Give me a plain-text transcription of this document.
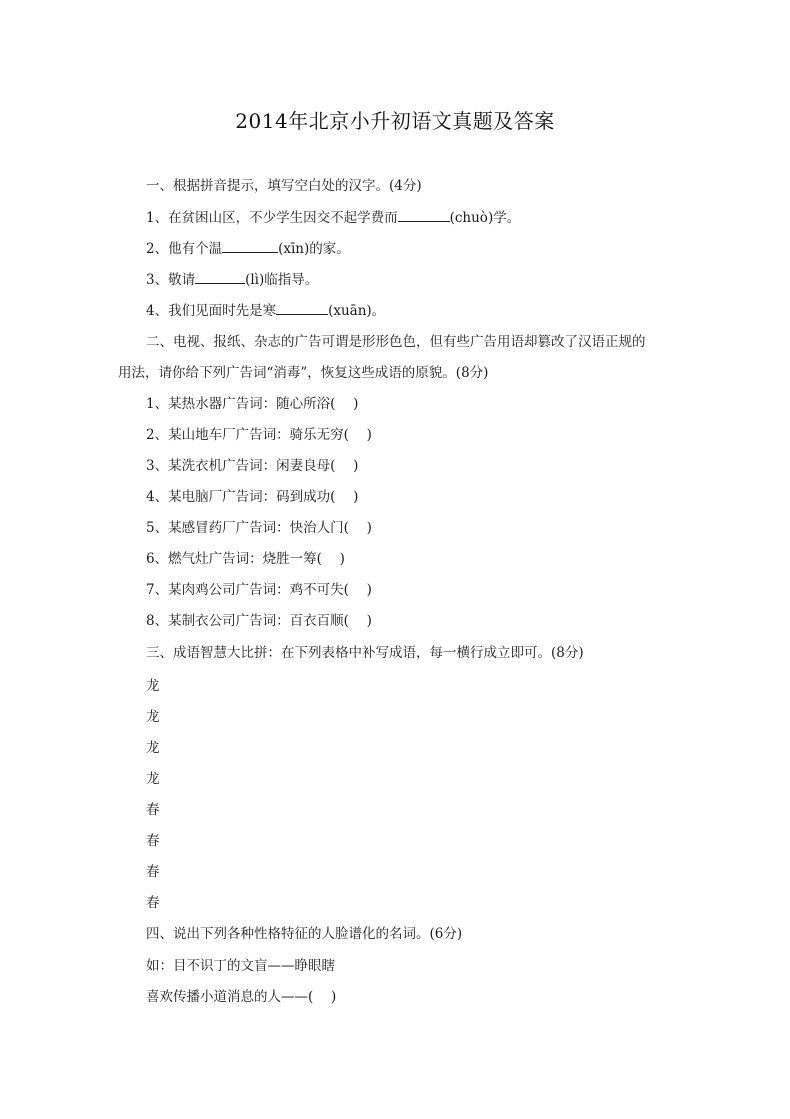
2014年北京小升初语文真题及答案
一、根据拼音提示，填写空白处的汉字。(4分)
1、在贫困山区，不少学生因交不起学费而	(chuò)学。
2、他有个温	(xīn)的家。
3、敬请	(lì)临指导。
4、我们见面时先是寒	(xuān)。
二、电视、报纸、杂志的广告可谓是形形色色，但有些广告用语却篡改了汉语正规的
用法，请你给下列广告词“消毒”，恢复这些成语的原貌。(8分)
1、某热水器广告词：随心所浴(　 )
2、某山地车厂广告词：骑乐无穷(　 )
3、某洗衣机广告词：闲妻良母(　 )
4、某电脑厂广告词：码到成功(　 )
5、某感冒药厂广告词：快治人门(　 )
6、燃气灶广告词：烧胜一筹(　 )
7、某肉鸡公司广告词：鸡不可失(　 )
8、某制衣公司广告词：百衣百顺(　 )
三、成语智慧大比拼：在下列表格中补写成语，每一横行成立即可。(8分)
龙
龙
龙
龙
春
春
春
春
四、说出下列各种性格特征的人脸谱化的名词。(6分)
如：目不识丁的文盲——睁眼瞎
喜欢传播小道消息的人——(　 )
